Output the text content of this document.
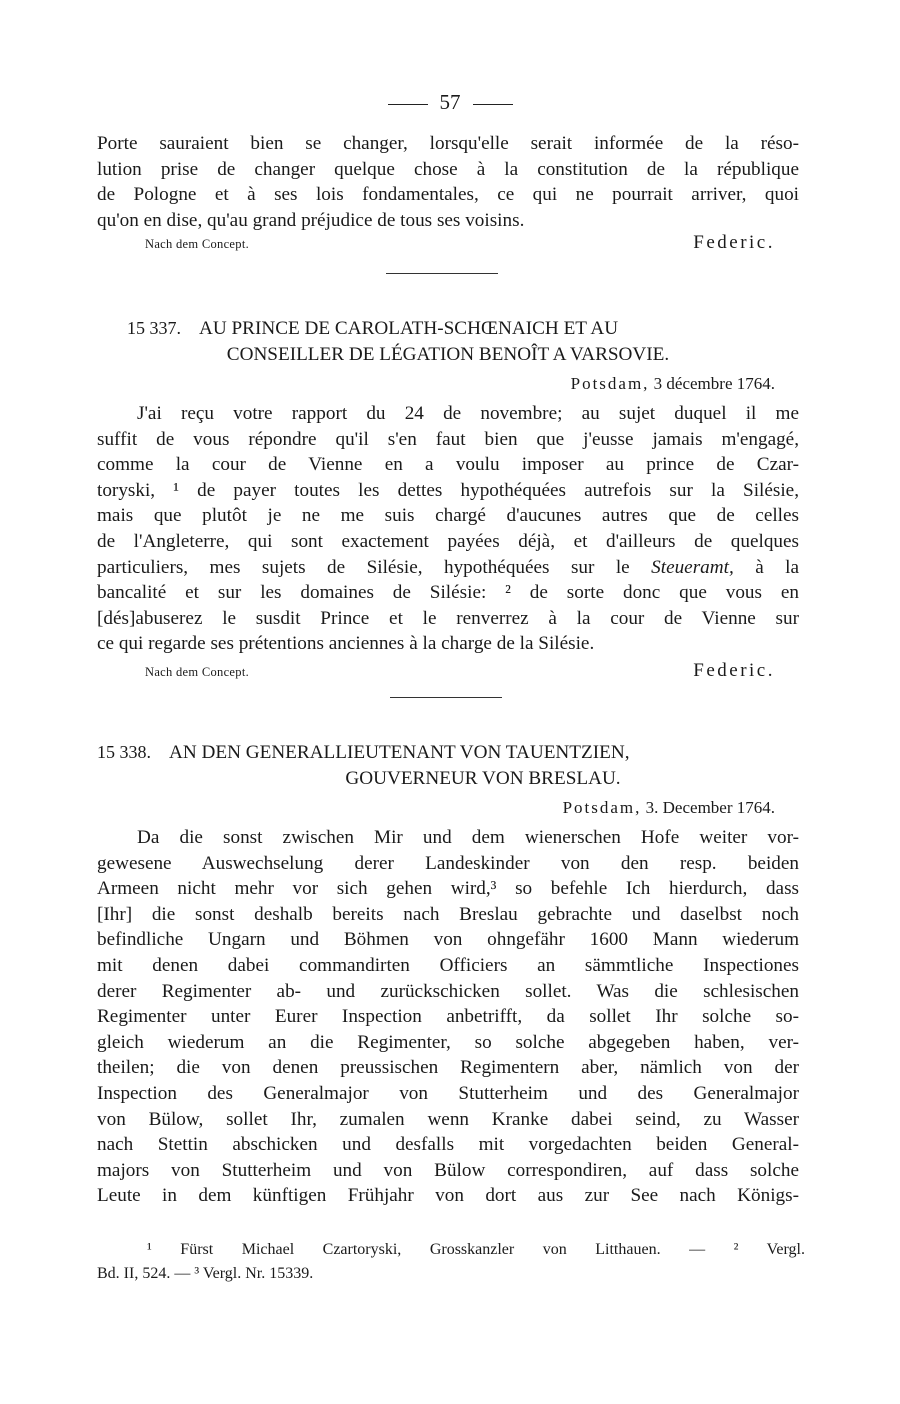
57

Porte sauraient bien se changer, lorsqu'elle serait informée de la réso-
lution prise de changer quelque chose à la constitution de la république
de Pologne et à ses lois fondamentales, ce qui ne pourrait arriver, quoi
qu'on en dise, qu'au grand préjudice de tous ses voisins.

Nach dem Concept.	Federic.
15 337. AU PRINCE DE CAROLATH-SCHŒNAICH ET AU
CONSEILLER DE LÉGATION BENOÎT A VARSOVIE.
Potsdam, 3 décembre 1764.

J'ai reçu votre rapport du 24 de novembre; au sujet duquel il me
suffit de vous répondre qu'il s'en faut bien que j'eusse jamais m'engagé,
comme la cour de Vienne en a voulu imposer au prince de Czar-
toryski, ¹ de payer toutes les dettes hypothéquées autrefois sur la Silésie,
mais que plutôt je ne me suis chargé d'aucunes autres que de celles
de l'Angleterre, qui sont exactement payées déjà, et d'ailleurs de quelques
particuliers, mes sujets de Silésie, hypothéquées sur le Steueramt, à la
bancalité et sur les domaines de Silésie: ² de sorte donc que vous en
[dés]abuserez le susdit Prince et le renverrez à la cour de Vienne sur
ce qui regarde ses prétentions anciennes à la charge de la Silésie.

Nach dem Concept.	Federic.
15 338. AN DEN GENERALLIEUTENANT VON TAUENTZIEN,
GOUVERNEUR VON BRESLAU.
Potsdam, 3. December 1764.

Da die sonst zwischen Mir und dem wienerschen Hofe weiter vor-
gewesene Auswechselung derer Landeskinder von den resp. beiden
Armeen nicht mehr vor sich gehen wird,³ so befehle Ich hierdurch, dass
[Ihr] die sonst deshalb bereits nach Breslau gebrachte und daselbst noch
befindliche Ungarn und Böhmen von ohngefähr 1600 Mann wiederum
mit denen dabei commandirten Officiers an sämmtliche Inspectiones
derer Regimenter ab- und zurückschicken sollet. Was die schlesischen
Regimenter unter Eurer Inspection anbetrifft, da sollet Ihr solche so-
gleich wiederum an die Regimenter, so solche abgegeben haben, ver-
theilen; die von denen preussischen Regimentern aber, nämlich von der
Inspection des Generalmajor von Stutterheim und des Generalmajor
von Bülow, sollet Ihr, zumalen wenn Kranke dabei seind, zu Wasser
nach Stettin abschicken und desfalls mit vorgedachten beiden General-
majors von Stutterheim und von Bülow correspondiren, auf dass solche
Leute in dem künftigen Frühjahr von dort aus zur See nach Königs-

¹ Fürst Michael Czartoryski, Grosskanzler von Litthauen. — ² Vergl.
Bd. II, 524. — ³ Vergl. Nr. 15339.
